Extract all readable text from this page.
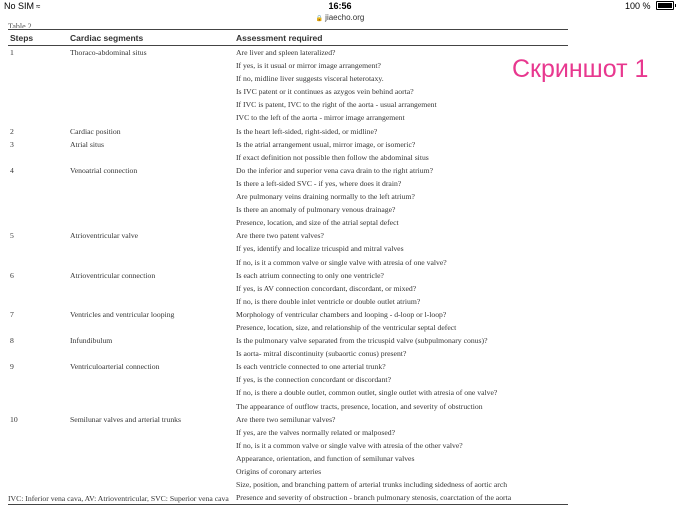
No SIM ≈	16:56	100 %
🔒 jiaecho.org
Table 2
Steps	Cardiac segments	Assessment required
1	Thoraco-abdominal situs	Are liver and spleen lateralized?
If yes, is it usual or mirror image arrangement?
If no, midline liver suggests visceral heterotaxy.
Is IVC patent or it continues as azygos vein behind aorta?
If IVC is patent, IVC to the right of the aorta - usual arrangement
IVC to the left of the aorta - mirror image arrangement
2	Cardiac position	Is the heart left-sided, right-sided, or midline?
3	Atrial situs	Is the atrial arrangement usual, mirror image, or isomeric?
If exact definition not possible then follow the abdominal situs
4	Venoatrial connection	Do the inferior and superior vena cava drain to the right atrium?
Is there a left-sided SVC - if yes, where does it drain?
Are pulmonary veins draining normally to the left atrium?
Is there an anomaly of pulmonary venous drainage?
Presence, location, and size of the atrial septal defect
5	Atrioventricular valve	Are there two patent valves?
If yes, identify and localize tricuspid and mitral valves
If no, is it a common valve or single valve with atresia of one valve?
6	Atrioventricular connection	Is each atrium connecting to only one ventricle?
If yes, is AV connection concordant, discordant, or mixed?
If no, is there double inlet ventricle or double outlet atrium?
7	Ventricles and ventricular looping	Morphology of ventricular chambers and looping - d-loop or l-loop?
Presence, location, size, and relationship of the ventricular septal defect
8	Infundibulum	Is the pulmonary valve separated from the tricuspid valve (subpulmonary conus)?
Is aorta- mitral discontinuity (subaortic conus) present?
9	Ventriculoarterial connection	Is each ventricle connected to one arterial trunk?
If yes, is the connection concordant or discordant?
If no, is there a double outlet, common outlet, single outlet with atresia of one valve?
The appearance of outflow tracts, presence, location, and severity of obstruction
10	Semilunar valves and arterial trunks	Are there two semilunar valves?
If yes, are the valves normally related or malposed?
If no, is it a common valve or single valve with atresia of the other valve?
Appearance, orientation, and function of semilunar valves
Origins of coronary arteries
Size, position, and branching pattern of arterial trunks including sidedness of aortic arch
Presence and severity of obstruction - branch pulmonary stenosis, coarctation of the aorta
IVC: Inferior vena cava, AV: Atrioventricular, SVC: Superior vena cava
Скриншот 1
